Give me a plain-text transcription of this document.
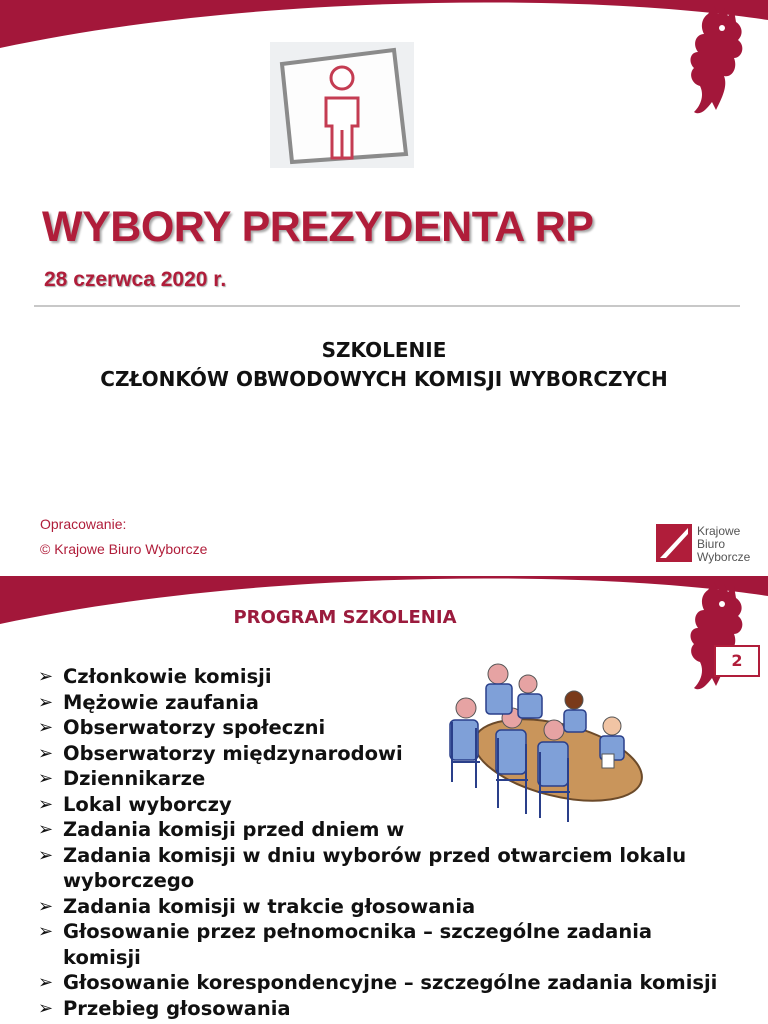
WYBORY PREZYDENTA RP
28 czerwca 2020 r.
SZKOLENIE
CZŁONKÓW OBWODOWYCH KOMISJI WYBORCZYCH
Opracowanie:
© Krajowe Biuro Wyborcze
Krajowe
Biuro
Wyborcze
PROGRAM SZKOLENIA
2
➢ Członkowie komisji
➢ Mężowie zaufania
➢ Obserwatorzy społeczni
➢ Obserwatorzy międzynarodowi
➢ Dziennikarze
➢ Lokal wyborczy
➢ Zadania komisji przed dniem w
➢ Zadania komisji w dniu wyborów przed otwarciem lokalu
wyborczego
➢ Zadania komisji w trakcie głosowania
➢ Głosowanie przez pełnomocnika – szczególne zadania
komisji
➢ Głosowanie korespondencyjne – szczególne zadania komisji
➢ Przebieg głosowania
